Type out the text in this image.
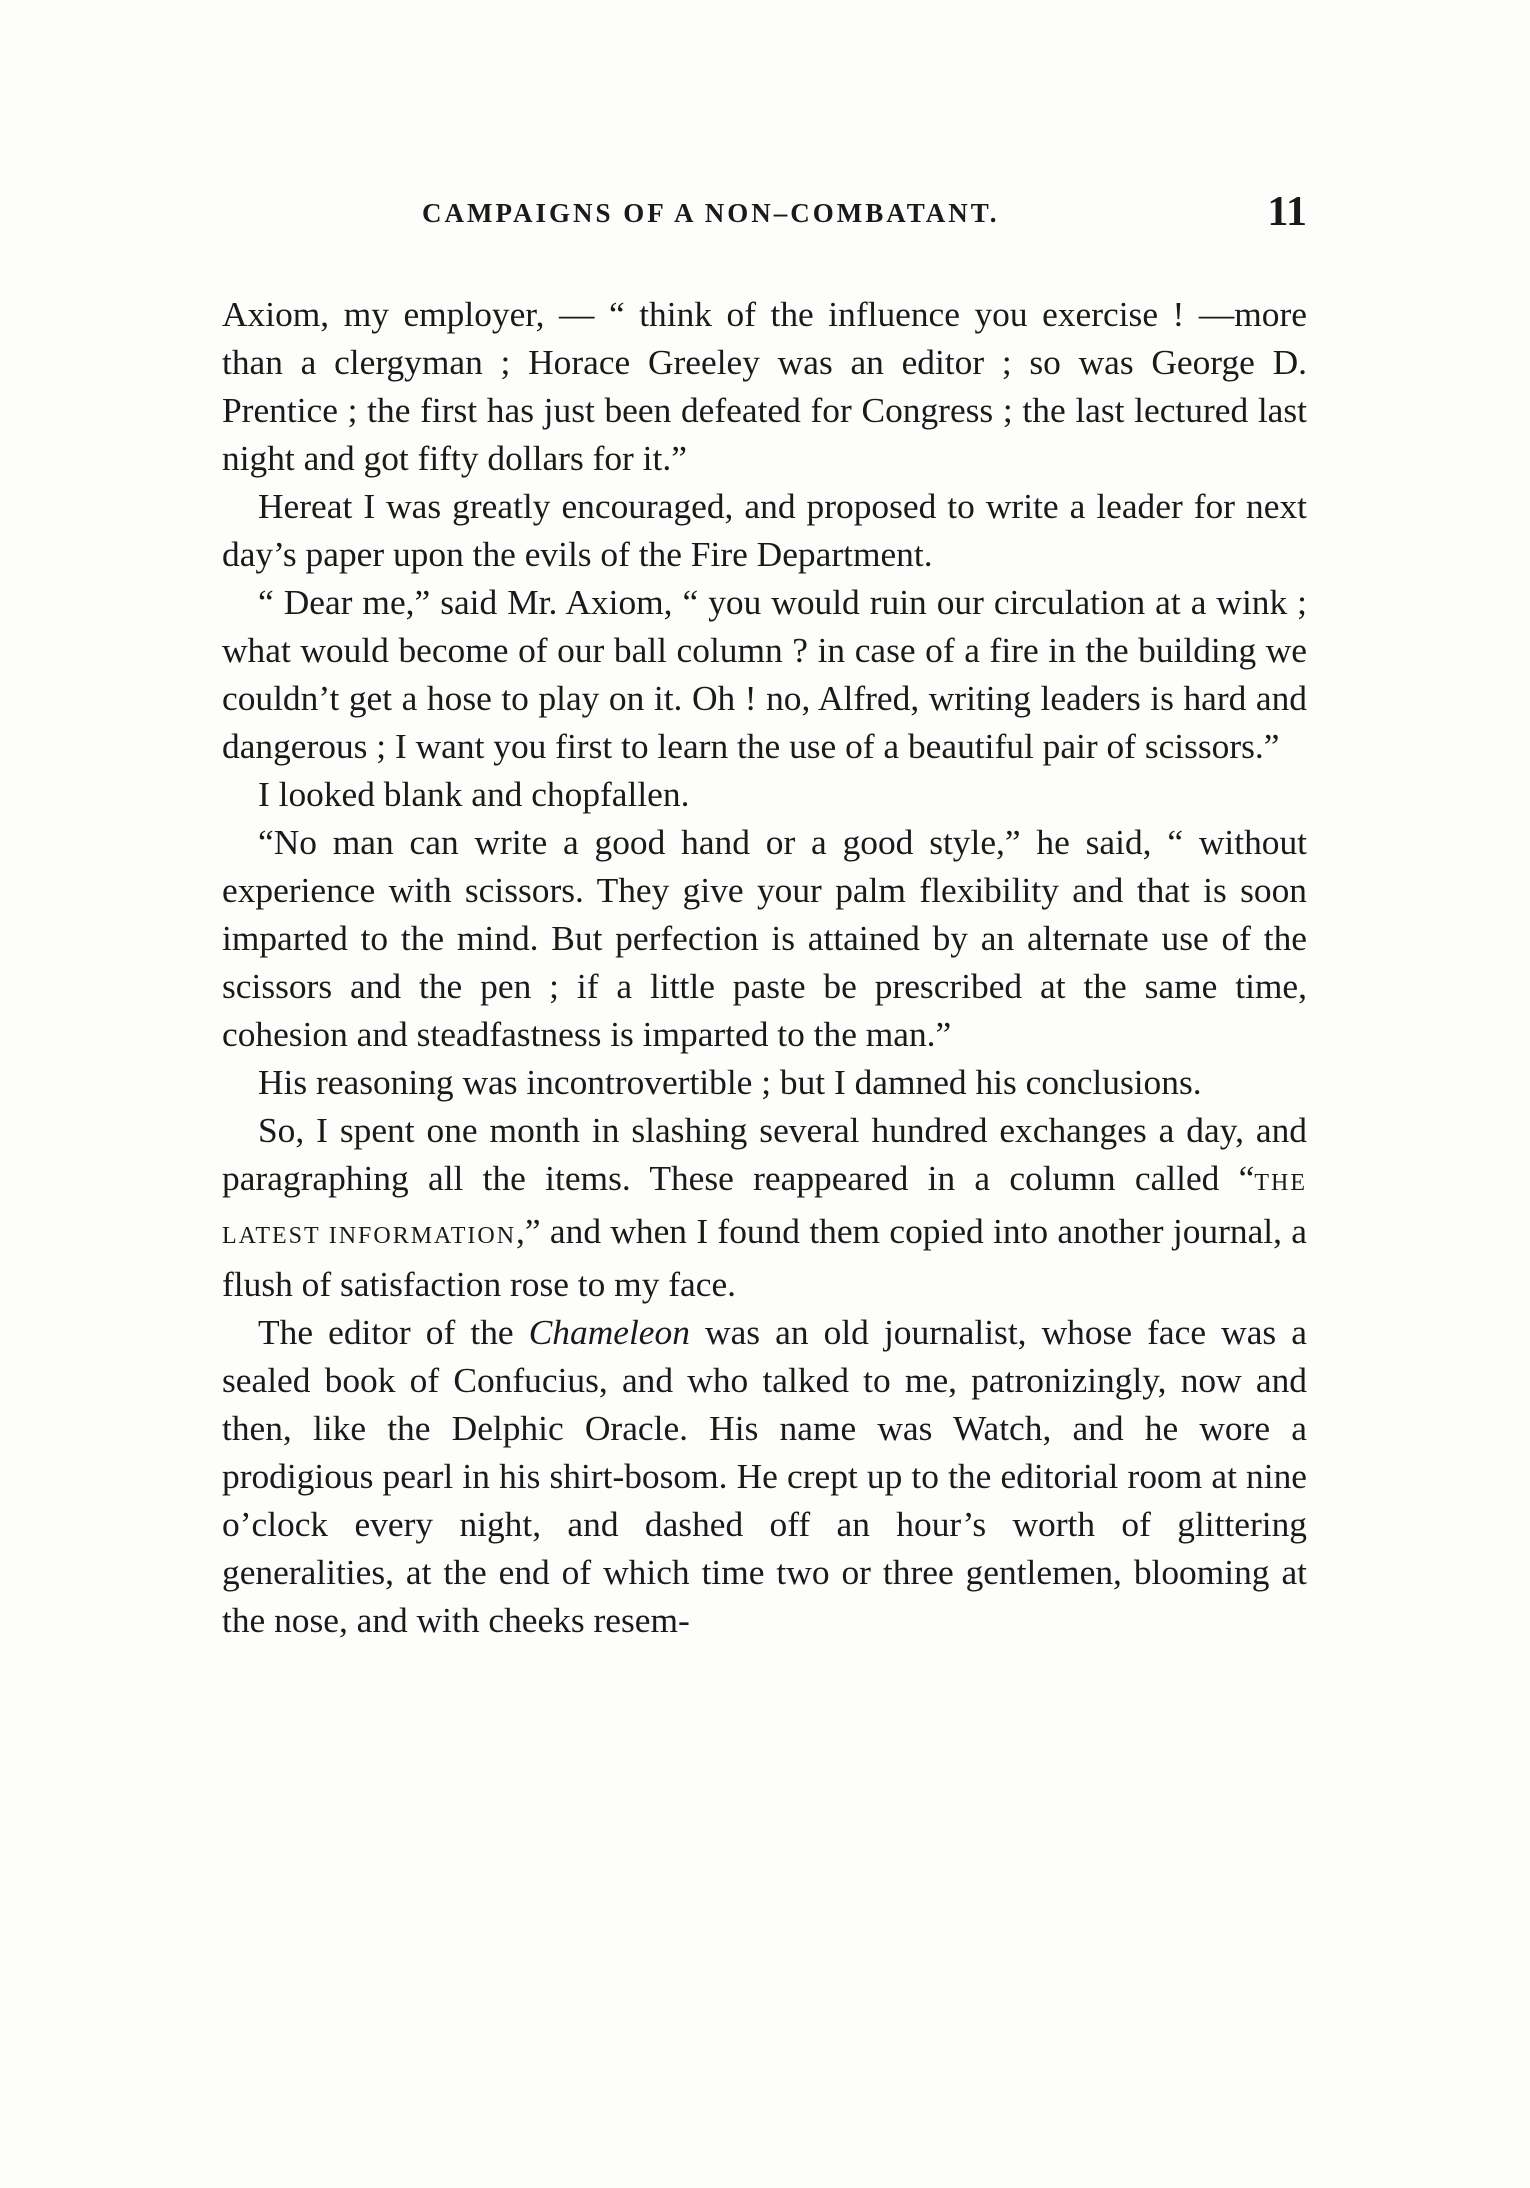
CAMPAIGNS OF A NON–COMBATANT.	11

Axiom, my employer, — “ think of the influence you exercise ! —more than a clergyman ; Horace Greeley was an editor ; so was George D. Prentice ; the first has just been defeated for Congress ; the last lectured last night and got fifty dollars for it.”

Hereat I was greatly encouraged, and proposed to write a leader for next day’s paper upon the evils of the Fire Department.

“ Dear me,” said Mr. Axiom, “ you would ruin our circulation at a wink ; what would become of our ball column ? in case of a fire in the building we couldn’t get a hose to play on it. Oh ! no, Alfred, writing leaders is hard and dangerous ; I want you first to learn the use of a beautiful pair of scissors.”

I looked blank and chopfallen.

“No man can write a good hand or a good style,” he said, “ without experience with scissors. They give your palm flexibility and that is soon imparted to the mind. But perfection is attained by an alternate use of the scissors and the pen ; if a little paste be prescribed at the same time, cohesion and steadfastness is imparted to the man.”

His reasoning was incontrovertible ; but I damned his conclusions.

So, I spent one month in slashing several hundred exchanges a day, and paragraphing all the items. These reappeared in a column called “THE LATEST INFORMATION,” and when I found them copied into another journal, a flush of satisfaction rose to my face.

The editor of the Chameleon was an old journalist, whose face was a sealed book of Confucius, and who talked to me, patronizingly, now and then, like the Delphic Oracle. His name was Watch, and he wore a prodigious pearl in his shirt-bosom. He crept up to the editorial room at nine o’clock every night, and dashed off an hour’s worth of glittering generalities, at the end of which time two or three gentlemen, blooming at the nose, and with cheeks resem-
